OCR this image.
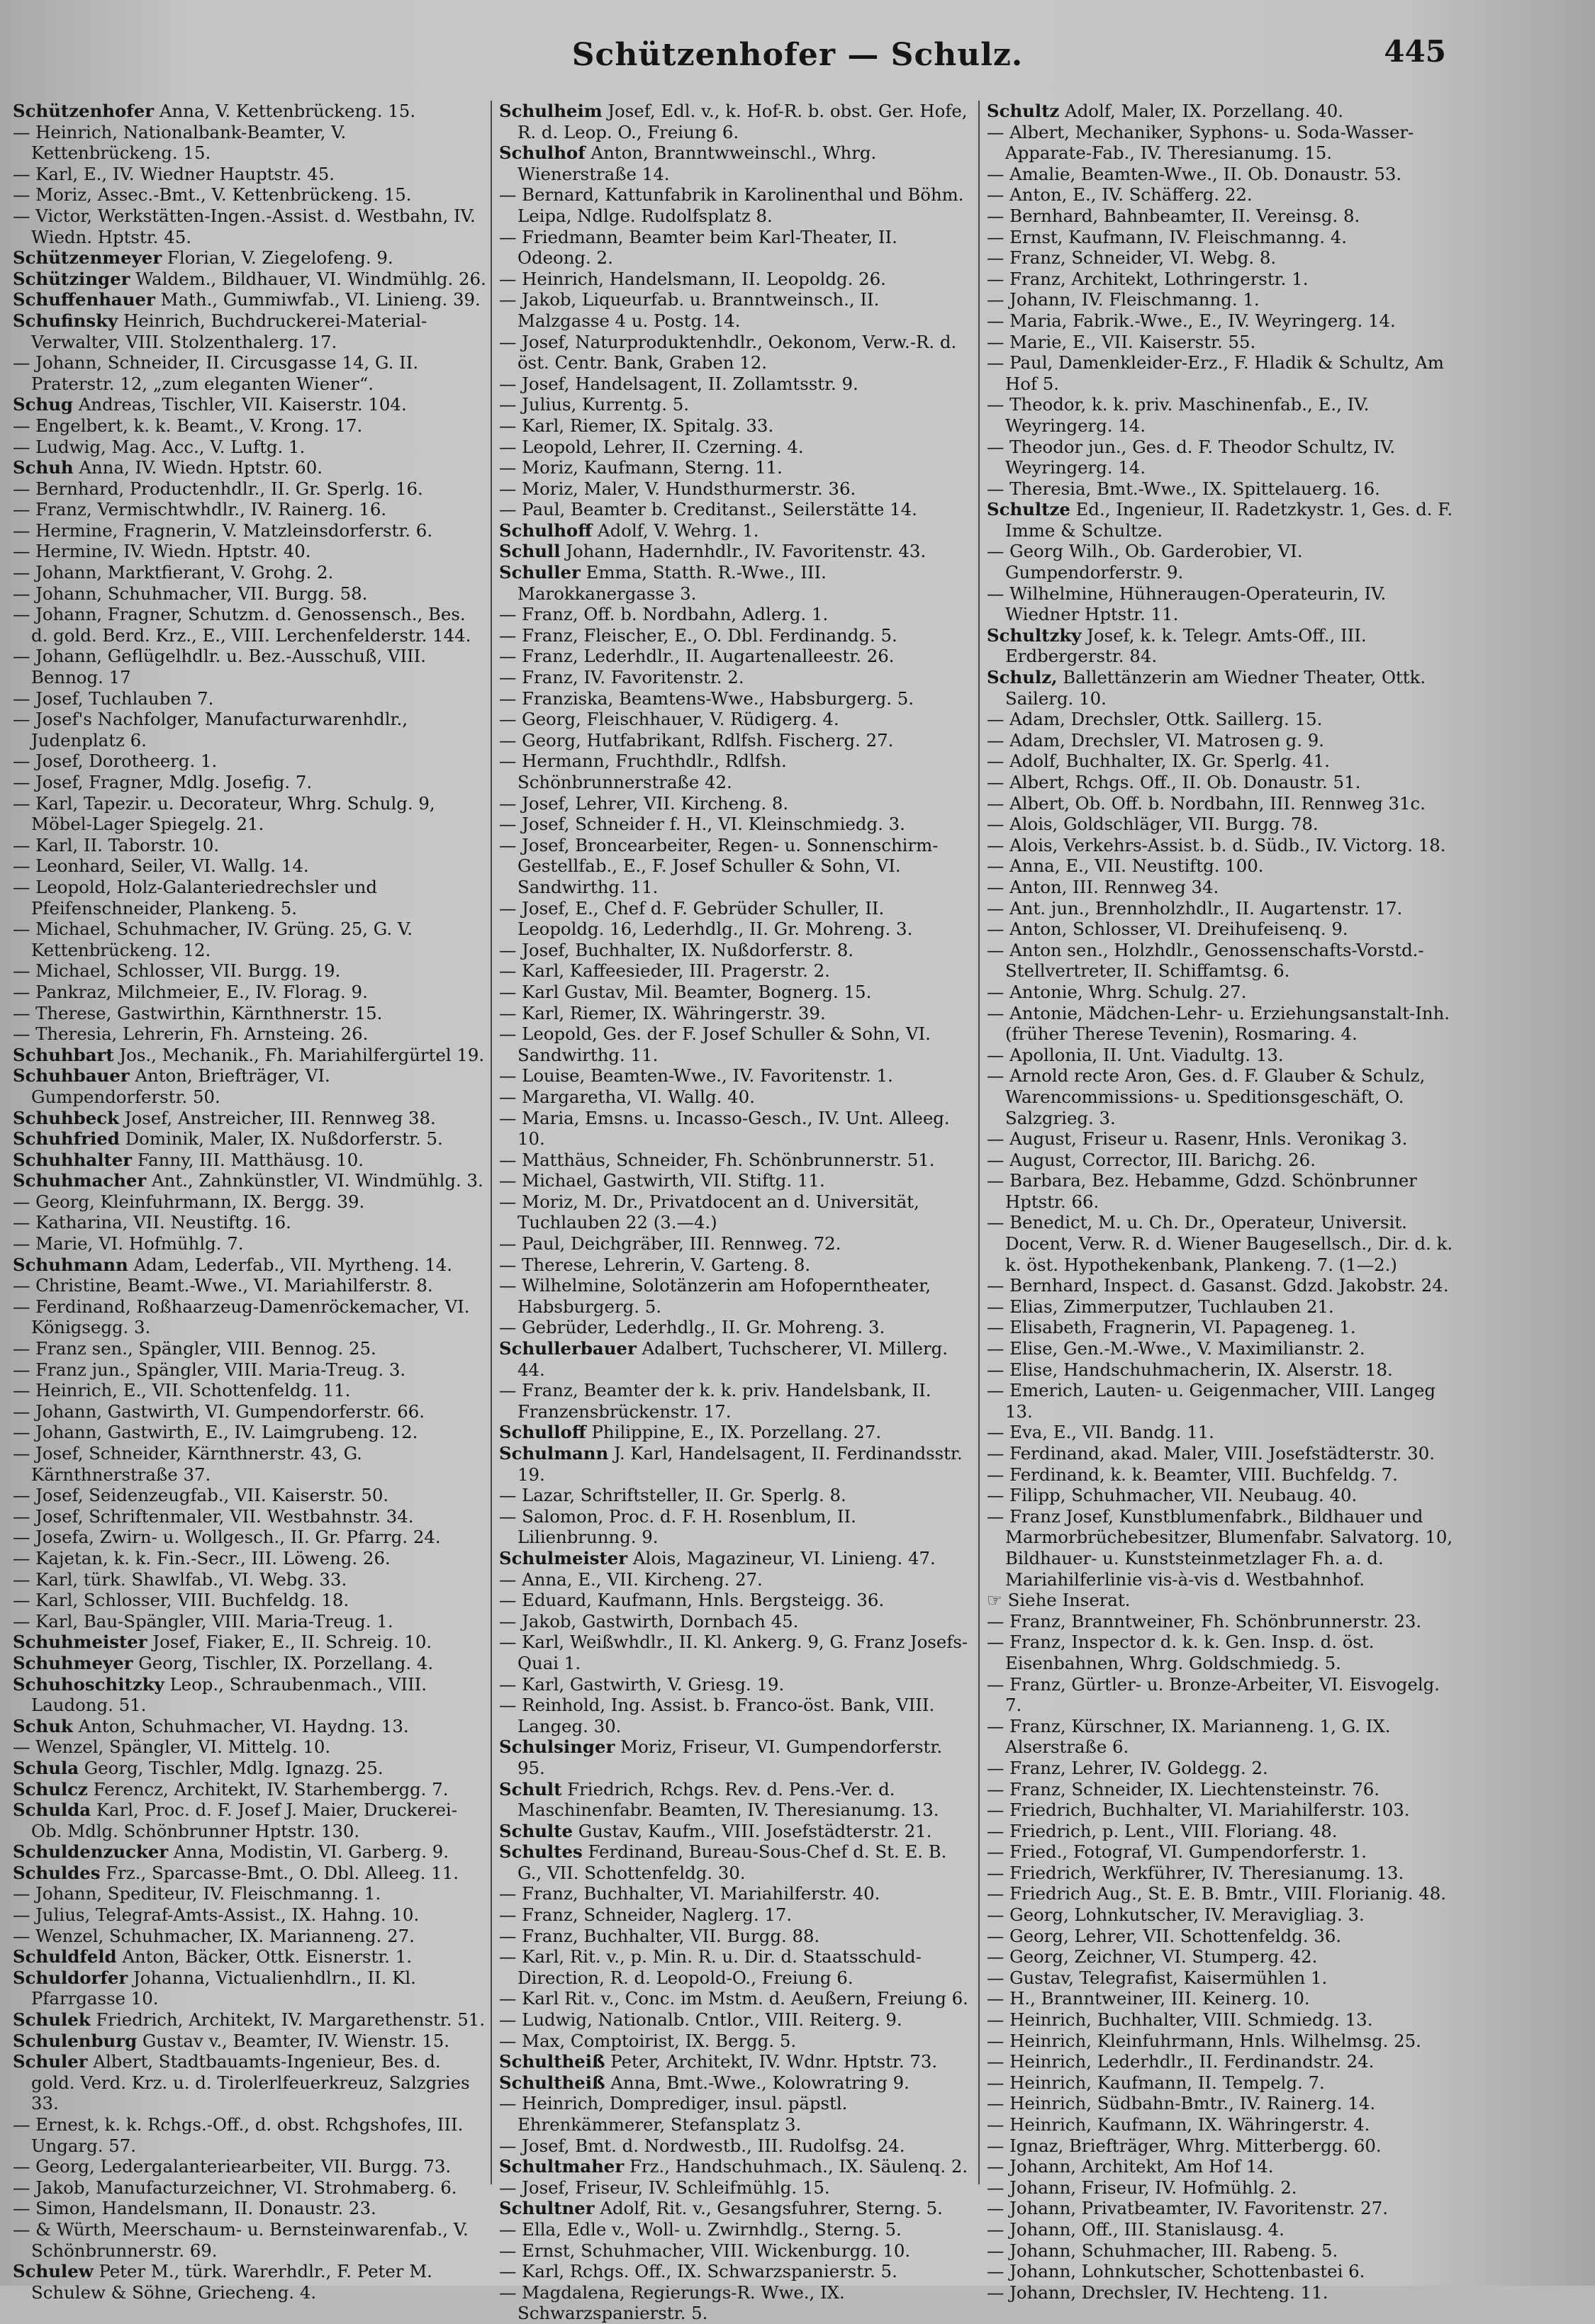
Schützenhofer — Schulz.	445
Schützenhofer Anna, V. Kettenbrückeng. 15.
— Heinrich, Nationalbank-Beamter, V. Kettenbrückeng. 15.
— Karl, E., IV. Wiedner Hauptstr. 45.
— Moriz, Assec.-Bmt., V. Kettenbrückeng. 15.
— Victor, Werkstätten-Ingen.-Assist. d. Westbahn, IV. Wiedn. Hptstr. 45.
Schützenmeyer Florian, V. Ziegelofeng. 9.
Schützinger Waldem., Bildhauer, VI. Windmühlg. 26.
Schuffenhauer Math., Gummiwfab., VI. Linieng. 39.
Schufinsky Heinrich, Buchdruckerei-Material-Verwalter, VIII. Stolzenthalerg. 17.
— Johann, Schneider, II. Circusgasse 14, G. II. Praterstr. 12, „zum eleganten Wiener“.
Schug Andreas, Tischler, VII. Kaiserstr. 104.
— Engelbert, k. k. Beamt., V. Krong. 17.
— Ludwig, Mag. Acc., V. Luftg. 1.
Schuh Anna, IV. Wiedn. Hptstr. 60.
— Bernhard, Productenhdlr., II. Gr. Sperlg. 16.
— Franz, Vermischtwhdlr., IV. Rainerg. 16.
— Hermine, Fragnerin, V. Matzleinsdorferstr. 6.
— Hermine, IV. Wiedn. Hptstr. 40.
— Johann, Marktfierant, V. Grohg. 2.
— Johann, Schuhmacher, VII. Burgg. 58.
— Johann, Fragner, Schutzm. d. Genossensch., Bes. d. gold. Berd. Krz., E., VIII. Lerchenfelderstr. 144.
— Johann, Geflügelhdlr. u. Bez.-Ausschuß, VIII. Bennog. 17
— Josef, Tuchlauben 7.
— Josef's Nachfolger, Manufacturwarenhdlr., Judenplatz 6.
— Josef, Dorotheerg. 1.
— Josef, Fragner, Mdlg. Josefig. 7.
— Karl, Tapezir. u. Decorateur, Whrg. Schulg. 9, Möbel-Lager Spiegelg. 21.
— Karl, II. Taborstr. 10.
— Leonhard, Seiler, VI. Wallg. 14.
— Leopold, Holz-Galanteriedrechsler und Pfeifenschneider, Plankeng. 5.
— Michael, Schuhmacher, IV. Grüng. 25, G. V. Kettenbrückeng. 12.
— Michael, Schlosser, VII. Burgg. 19.
— Pankraz, Milchmeier, E., IV. Florag. 9.
— Therese, Gastwirthin, Kärnthnerstr. 15.
— Theresia, Lehrerin, Fh. Arnsteing. 26.
Schuhbart Jos., Mechanik., Fh. Mariahilfergürtel 19.
Schuhbauer Anton, Briefträger, VI. Gumpendorferstr. 50.
Schuhbeck Josef, Anstreicher, III. Rennweg 38.
Schuhfried Dominik, Maler, IX. Nußdorferstr. 5.
Schuhhalter Fanny, III. Matthäusg. 10.
Schuhmacher Ant., Zahnkünstler, VI. Windmühlg. 3.
— Georg, Kleinfuhrmann, IX. Bergg. 39.
— Katharina, VII. Neustiftg. 16.
— Marie, VI. Hofmühlg. 7.
Schuhmann Adam, Lederfab., VII. Myrtheng. 14.
— Christine, Beamt.-Wwe., VI. Mariahilferstr. 8.
— Ferdinand, Roßhaarzeug-Damenröckemacher, VI. Königsegg. 3.
— Franz sen., Spängler, VIII. Bennog. 25.
— Franz jun., Spängler, VIII. Maria-Treug. 3.
— Heinrich, E., VII. Schottenfeldg. 11.
— Johann, Gastwirth, VI. Gumpendorferstr. 66.
— Johann, Gastwirth, E., IV. Laimgrubeng. 12.
— Josef, Schneider, Kärnthnerstr. 43, G. Kärnthnerstraße 37.
— Josef, Seidenzeugfab., VII. Kaiserstr. 50.
— Josef, Schriftenmaler, VII. Westbahnstr. 34.
— Josefa, Zwirn- u. Wollgesch., II. Gr. Pfarrg. 24.
— Kajetan, k. k. Fin.-Secr., III. Löweng. 26.
— Karl, türk. Shawlfab., VI. Webg. 33.
— Karl, Schlosser, VIII. Buchfeldg. 18.
— Karl, Bau-Spängler, VIII. Maria-Treug. 1.
Schuhmeister Josef, Fiaker, E., II. Schreig. 10.
Schuhmeyer Georg, Tischler, IX. Porzellang. 4.
Schuhoschitzky Leop., Schraubenmach., VIII. Laudong. 51.
Schuk Anton, Schuhmacher, VI. Haydng. 13.
— Wenzel, Spängler, VI. Mittelg. 10.
Schula Georg, Tischler, Mdlg. Ignazg. 25.
Schulcz Ferencz, Architekt, IV. Starhembergg. 7.
Schulda Karl, Proc. d. F. Josef J. Maier, Druckerei-Ob. Mdlg. Schönbrunner Hptstr. 130.
Schuldenzucker Anna, Modistin, VI. Garberg. 9.
Schuldes Frz., Sparcasse-Bmt., O. Dbl. Alleeg. 11.
— Johann, Spediteur, IV. Fleischmanng. 1.
— Julius, Telegraf-Amts-Assist., IX. Hahng. 10.
— Wenzel, Schuhmacher, IX. Marianneng. 27.
Schuldfeld Anton, Bäcker, Ottk. Eisnerstr. 1.
Schuldorfer Johanna, Victualienhdlrn., II. Kl. Pfarrgasse 10.
Schulek Friedrich, Architekt, IV. Margarethenstr. 51.
Schulenburg Gustav v., Beamter, IV. Wienstr. 15.
Schuler Albert, Stadtbauamts-Ingenieur, Bes. d. gold. Verd. Krz. u. d. Tirolerlfeuerkreuz, Salzgries 33.
— Ernest, k. k. Rchgs.-Off., d. obst. Rchgshofes, III. Ungarg. 57.
— Georg, Ledergalanteriearbeiter, VII. Burgg. 73.
— Jakob, Manufacturzeichner, VI. Strohmaberg. 6.
— Simon, Handelsmann, II. Donaustr. 23.
— & Würth, Meerschaum- u. Bernsteinwarenfab., V. Schönbrunnerstr. 69.
Schulew Peter M., türk. Warerhdlr., F. Peter M. Schulew & Söhne, Griecheng. 4.
Schulheim Josef, Edl. v., k. Hof-R. b. obst. Ger. Hofe, R. d. Leop. O., Freiung 6.
Schulhof Anton, Branntwweinschl., Whrg. Wienerstraße 14.
— Bernard, Kattunfabrik in Karolinenthal und Böhm. Leipa, Ndlge. Rudolfsplatz 8.
— Friedmann, Beamter beim Karl-Theater, II. Odeong. 2.
— Heinrich, Handelsmann, II. Leopoldg. 26.
— Jakob, Liqueurfab. u. Branntweinsch., II. Malzgasse 4 u. Postg. 14.
— Josef, Naturproduktenhdlr., Oekonom, Verw.-R. d. öst. Centr. Bank, Graben 12.
— Josef, Handelsagent, II. Zollamtsstr. 9.
— Julius, Kurrentg. 5.
— Karl, Riemer, IX. Spitalg. 33.
— Leopold, Lehrer, II. Czerning. 4.
— Moriz, Kaufmann, Sterng. 11.
— Moriz, Maler, V. Hundsthurmerstr. 36.
— Paul, Beamter b. Creditanst., Seilerstätte 14.
Schulhoff Adolf, V. Wehrg. 1.
Schull Johann, Hadernhdlr., IV. Favoritenstr. 43.
Schuller Emma, Statth. R.-Wwe., III. Marokkanergasse 3.
— Franz, Off. b. Nordbahn, Adlerg. 1.
— Franz, Fleischer, E., O. Dbl. Ferdinandg. 5.
— Franz, Lederhdlr., II. Augartenalleestr. 26.
— Franz, IV. Favoritenstr. 2.
— Franziska, Beamtens-Wwe., Habsburgerg. 5.
— Georg, Fleischhauer, V. Rüdigerg. 4.
— Georg, Hutfabrikant, Rdlfsh. Fischerg. 27.
— Hermann, Fruchthdlr., Rdlfsh. Schönbrunnerstraße 42.
— Josef, Lehrer, VII. Kircheng. 8.
— Josef, Schneider f. H., VI. Kleinschmiedg. 3.
— Josef, Broncearbeiter, Regen- u. Sonnenschirm-Gestellfab., E., F. Josef Schuller & Sohn, VI. Sandwirthg. 11.
— Josef, E., Chef d. F. Gebrüder Schuller, II. Leopoldg. 16, Lederhdlg., II. Gr. Mohreng. 3.
— Josef, Buchhalter, IX. Nußdorferstr. 8.
— Karl, Kaffeesieder, III. Pragerstr. 2.
— Karl Gustav, Mil. Beamter, Bognerg. 15.
— Karl, Riemer, IX. Währingerstr. 39.
— Leopold, Ges. der F. Josef Schuller & Sohn, VI. Sandwirthg. 11.
— Louise, Beamten-Wwe., IV. Favoritenstr. 1.
— Margaretha, VI. Wallg. 40.
— Maria, Emsns. u. Incasso-Gesch., IV. Unt. Alleeg. 10.
— Matthäus, Schneider, Fh. Schönbrunnerstr. 51.
— Michael, Gastwirth, VII. Stiftg. 11.
— Moriz, M. Dr., Privatdocent an d. Universität, Tuchlauben 22 (3.—4.)
— Paul, Deichgräber, III. Rennweg. 72.
— Therese, Lehrerin, V. Garteng. 8.
— Wilhelmine, Solotänzerin am Hofoperntheater, Habsburgerg. 5.
— Gebrüder, Lederhdlg., II. Gr. Mohreng. 3.
Schullerbauer Adalbert, Tuchscherer, VI. Millerg. 44.
— Franz, Beamter der k. k. priv. Handelsbank, II. Franzensbrückenstr. 17.
Schulloff Philippine, E., IX. Porzellang. 27.
Schulmann J. Karl, Handelsagent, II. Ferdinandsstr. 19.
— Lazar, Schriftsteller, II. Gr. Sperlg. 8.
— Salomon, Proc. d. F. H. Rosenblum, II. Lilienbrunng. 9.
Schulmeister Alois, Magazineur, VI. Linieng. 47.
— Anna, E., VII. Kircheng. 27.
— Eduard, Kaufmann, Hnls. Bergsteigg. 36.
— Jakob, Gastwirth, Dornbach 45.
— Karl, Weißwhdlr., II. Kl. Ankerg. 9, G. Franz Josefs-Quai 1.
— Karl, Gastwirth, V. Griesg. 19.
— Reinhold, Ing. Assist. b. Franco-öst. Bank, VIII. Langeg. 30.
Schulsinger Moriz, Friseur, VI. Gumpendorferstr. 95.
Schult Friedrich, Rchgs. Rev. d. Pens.-Ver. d. Maschinenfabr. Beamten, IV. Theresianumg. 13.
Schulte Gustav, Kaufm., VIII. Josefstädterstr. 21.
Schultes Ferdinand, Bureau-Sous-Chef d. St. E. B. G., VII. Schottenfeldg. 30.
— Franz, Buchhalter, VI. Mariahilferstr. 40.
— Franz, Schneider, Naglerg. 17.
— Franz, Buchhalter, VII. Burgg. 88.
— Karl, Rit. v., p. Min. R. u. Dir. d. Staatsschuld-Direction, R. d. Leopold-O., Freiung 6.
— Karl Rit. v., Conc. im Mstm. d. Aeußern, Freiung 6.
— Ludwig, Nationalb. Cntlor., VIII. Reiterg. 9.
— Max, Comptoirist, IX. Bergg. 5.
Schultheiß Peter, Architekt, IV. Wdnr. Hptstr. 73.
Schultheiß Anna, Bmt.-Wwe., Kolowratring 9.
— Heinrich, Domprediger, insul. päpstl. Ehrenkämmerer, Stefansplatz 3.
— Josef, Bmt. d. Nordwestb., III. Rudolfsg. 24.
Schultmaher Frz., Handschuhmach., IX. Säulenq. 2.
— Josef, Friseur, IV. Schleifmühlg. 15.
Schultner Adolf, Rit. v., Gesangsfuhrer, Sterng. 5.
— Ella, Edle v., Woll- u. Zwirnhdlg., Sterng. 5.
— Ernst, Schuhmacher, VIII. Wickenburgg. 10.
— Karl, Rchgs. Off., IX. Schwarzspanierstr. 5.
— Magdalena, Regierungs-R. Wwe., IX. Schwarzspanierstr. 5.
Schultz Adolf, Maler, IX. Porzellang. 40.
— Albert, Mechaniker, Syphons- u. Soda-Wasser-Apparate-Fab., IV. Theresianumg. 15.
— Amalie, Beamten-Wwe., II. Ob. Donaustr. 53.
— Anton, E., IV. Schäfferg. 22.
— Bernhard, Bahnbeamter, II. Vereinsg. 8.
— Ernst, Kaufmann, IV. Fleischmanng. 4.
— Franz, Schneider, VI. Webg. 8.
— Franz, Architekt, Lothringerstr. 1.
— Johann, IV. Fleischmanng. 1.
— Maria, Fabrik.-Wwe., E., IV. Weyringerg. 14.
— Marie, E., VII. Kaiserstr. 55.
— Paul, Damenkleider-Erz., F. Hladik & Schultz, Am Hof 5.
— Theodor, k. k. priv. Maschinenfab., E., IV. Weyringerg. 14.
— Theodor jun., Ges. d. F. Theodor Schultz, IV. Weyringerg. 14.
— Theresia, Bmt.-Wwe., IX. Spittelauerg. 16.
Schultze Ed., Ingenieur, II. Radetzkystr. 1, Ges. d. F. Imme & Schultze.
— Georg Wilh., Ob. Garderobier, VI. Gumpendorferstr. 9.
— Wilhelmine, Hühneraugen-Operateurin, IV. Wiedner Hptstr. 11.
Schultzky Josef, k. k. Telegr. Amts-Off., III. Erdbergerstr. 84.
Schulz, Ballettänzerin am Wiedner Theater, Ottk. Sailerg. 10.
— Adam, Drechsler, Ottk. Saillerg. 15.
— Adam, Drechsler, VI. Matrosen g. 9.
— Adolf, Buchhalter, IX. Gr. Sperlg. 41.
— Albert, Rchgs. Off., II. Ob. Donaustr. 51.
— Albert, Ob. Off. b. Nordbahn, III. Rennweg 31c.
— Alois, Goldschläger, VII. Burgg. 78.
— Alois, Verkehrs-Assist. b. d. Südb., IV. Victorg. 18.
— Anna, E., VII. Neustiftg. 100.
— Anton, III. Rennweg 34.
— Ant. jun., Brennholzhdlr., II. Augartenstr. 17.
— Anton, Schlosser, VI. Dreihufeisenq. 9.
— Anton sen., Holzhdlr., Genossenschafts-Vorstd.-Stellvertreter, II. Schiffamtsg. 6.
— Antonie, Whrg. Schulg. 27.
— Antonie, Mädchen-Lehr- u. Erziehungsanstalt-Inh. (früher Therese Tevenin), Rosmaring. 4.
— Apollonia, II. Unt. Viadultg. 13.
— Arnold recte Aron, Ges. d. F. Glauber & Schulz, Warencommissions- u. Speditionsgeschäft, O. Salzgrieg. 3.
— August, Friseur u. Rasenr, Hnls. Veronikag 3.
— August, Corrector, III. Barichg. 26.
— Barbara, Bez. Hebamme, Gdzd. Schönbrunner Hptstr. 66.
— Benedict, M. u. Ch. Dr., Operateur, Universit. Docent, Verw. R. d. Wiener Baugesellsch., Dir. d. k. k. öst. Hypothekenbank, Plankeng. 7. (1—2.)
— Bernhard, Inspect. d. Gasanst. Gdzd. Jakobstr. 24.
— Elias, Zimmerputzer, Tuchlauben 21.
— Elisabeth, Fragnerin, VI. Papageneg. 1.
— Elise, Gen.-M.-Wwe., V. Maximilianstr. 2.
— Elise, Handschuhmacherin, IX. Alserstr. 18.
— Emerich, Lauten- u. Geigenmacher, VIII. Langeg 13.
— Eva, E., VII. Bandg. 11.
— Ferdinand, akad. Maler, VIII. Josefstädterstr. 30.
— Ferdinand, k. k. Beamter, VIII. Buchfeldg. 7.
— Filipp, Schuhmacher, VII. Neubaug. 40.
— Franz Josef, Kunstblumenfabrk., Bildhauer und Marmorbrüchebesitzer, Blumenfabr. Salvatorg. 10, Bildhauer- u. Kunststeinmetzlager Fh. a. d. Mariahilferlinie vis-à-vis d. Westbahnhof.
☞ Siehe Inserat.
— Franz, Branntweiner, Fh. Schönbrunnerstr. 23.
— Franz, Inspector d. k. k. Gen. Insp. d. öst. Eisenbahnen, Whrg. Goldschmiedg. 5.
— Franz, Gürtler- u. Bronze-Arbeiter, VI. Eisvogelg. 7.
— Franz, Kürschner, IX. Marianneng. 1, G. IX. Alserstraße 6.
— Franz, Lehrer, IV. Goldegg. 2.
— Franz, Schneider, IX. Liechtensteinstr. 76.
— Friedrich, Buchhalter, VI. Mariahilferstr. 103.
— Friedrich, p. Lent., VIII. Floriang. 48.
— Fried., Fotograf, VI. Gumpendorferstr. 1.
— Friedrich, Werkführer, IV. Theresianumg. 13.
— Friedrich Aug., St. E. B. Bmtr., VIII. Florianig. 48.
— Georg, Lohnkutscher, IV. Meravigliag. 3.
— Georg, Lehrer, VII. Schottenfeldg. 36.
— Georg, Zeichner, VI. Stumperg. 42.
— Gustav, Telegrafist, Kaisermühlen 1.
— H., Branntweiner, III. Keinerg. 10.
— Heinrich, Buchhalter, VIII. Schmiedg. 13.
— Heinrich, Kleinfuhrmann, Hnls. Wilhelmsg. 25.
— Heinrich, Lederhdlr., II. Ferdinandstr. 24.
— Heinrich, Kaufmann, II. Tempelg. 7.
— Heinrich, Südbahn-Bmtr., IV. Rainerg. 14.
— Heinrich, Kaufmann, IX. Währingerstr. 4.
— Ignaz, Briefträger, Whrg. Mitterbergg. 60.
— Johann, Architekt, Am Hof 14.
— Johann, Friseur, IV. Hofmühlg. 2.
— Johann, Privatbeamter, IV. Favoritenstr. 27.
— Johann, Off., III. Stanislausg. 4.
— Johann, Schuhmacher, III. Rabeng. 5.
— Johann, Lohnkutscher, Schottenbastei 6.
— Johann, Drechsler, IV. Hechteng. 11.
